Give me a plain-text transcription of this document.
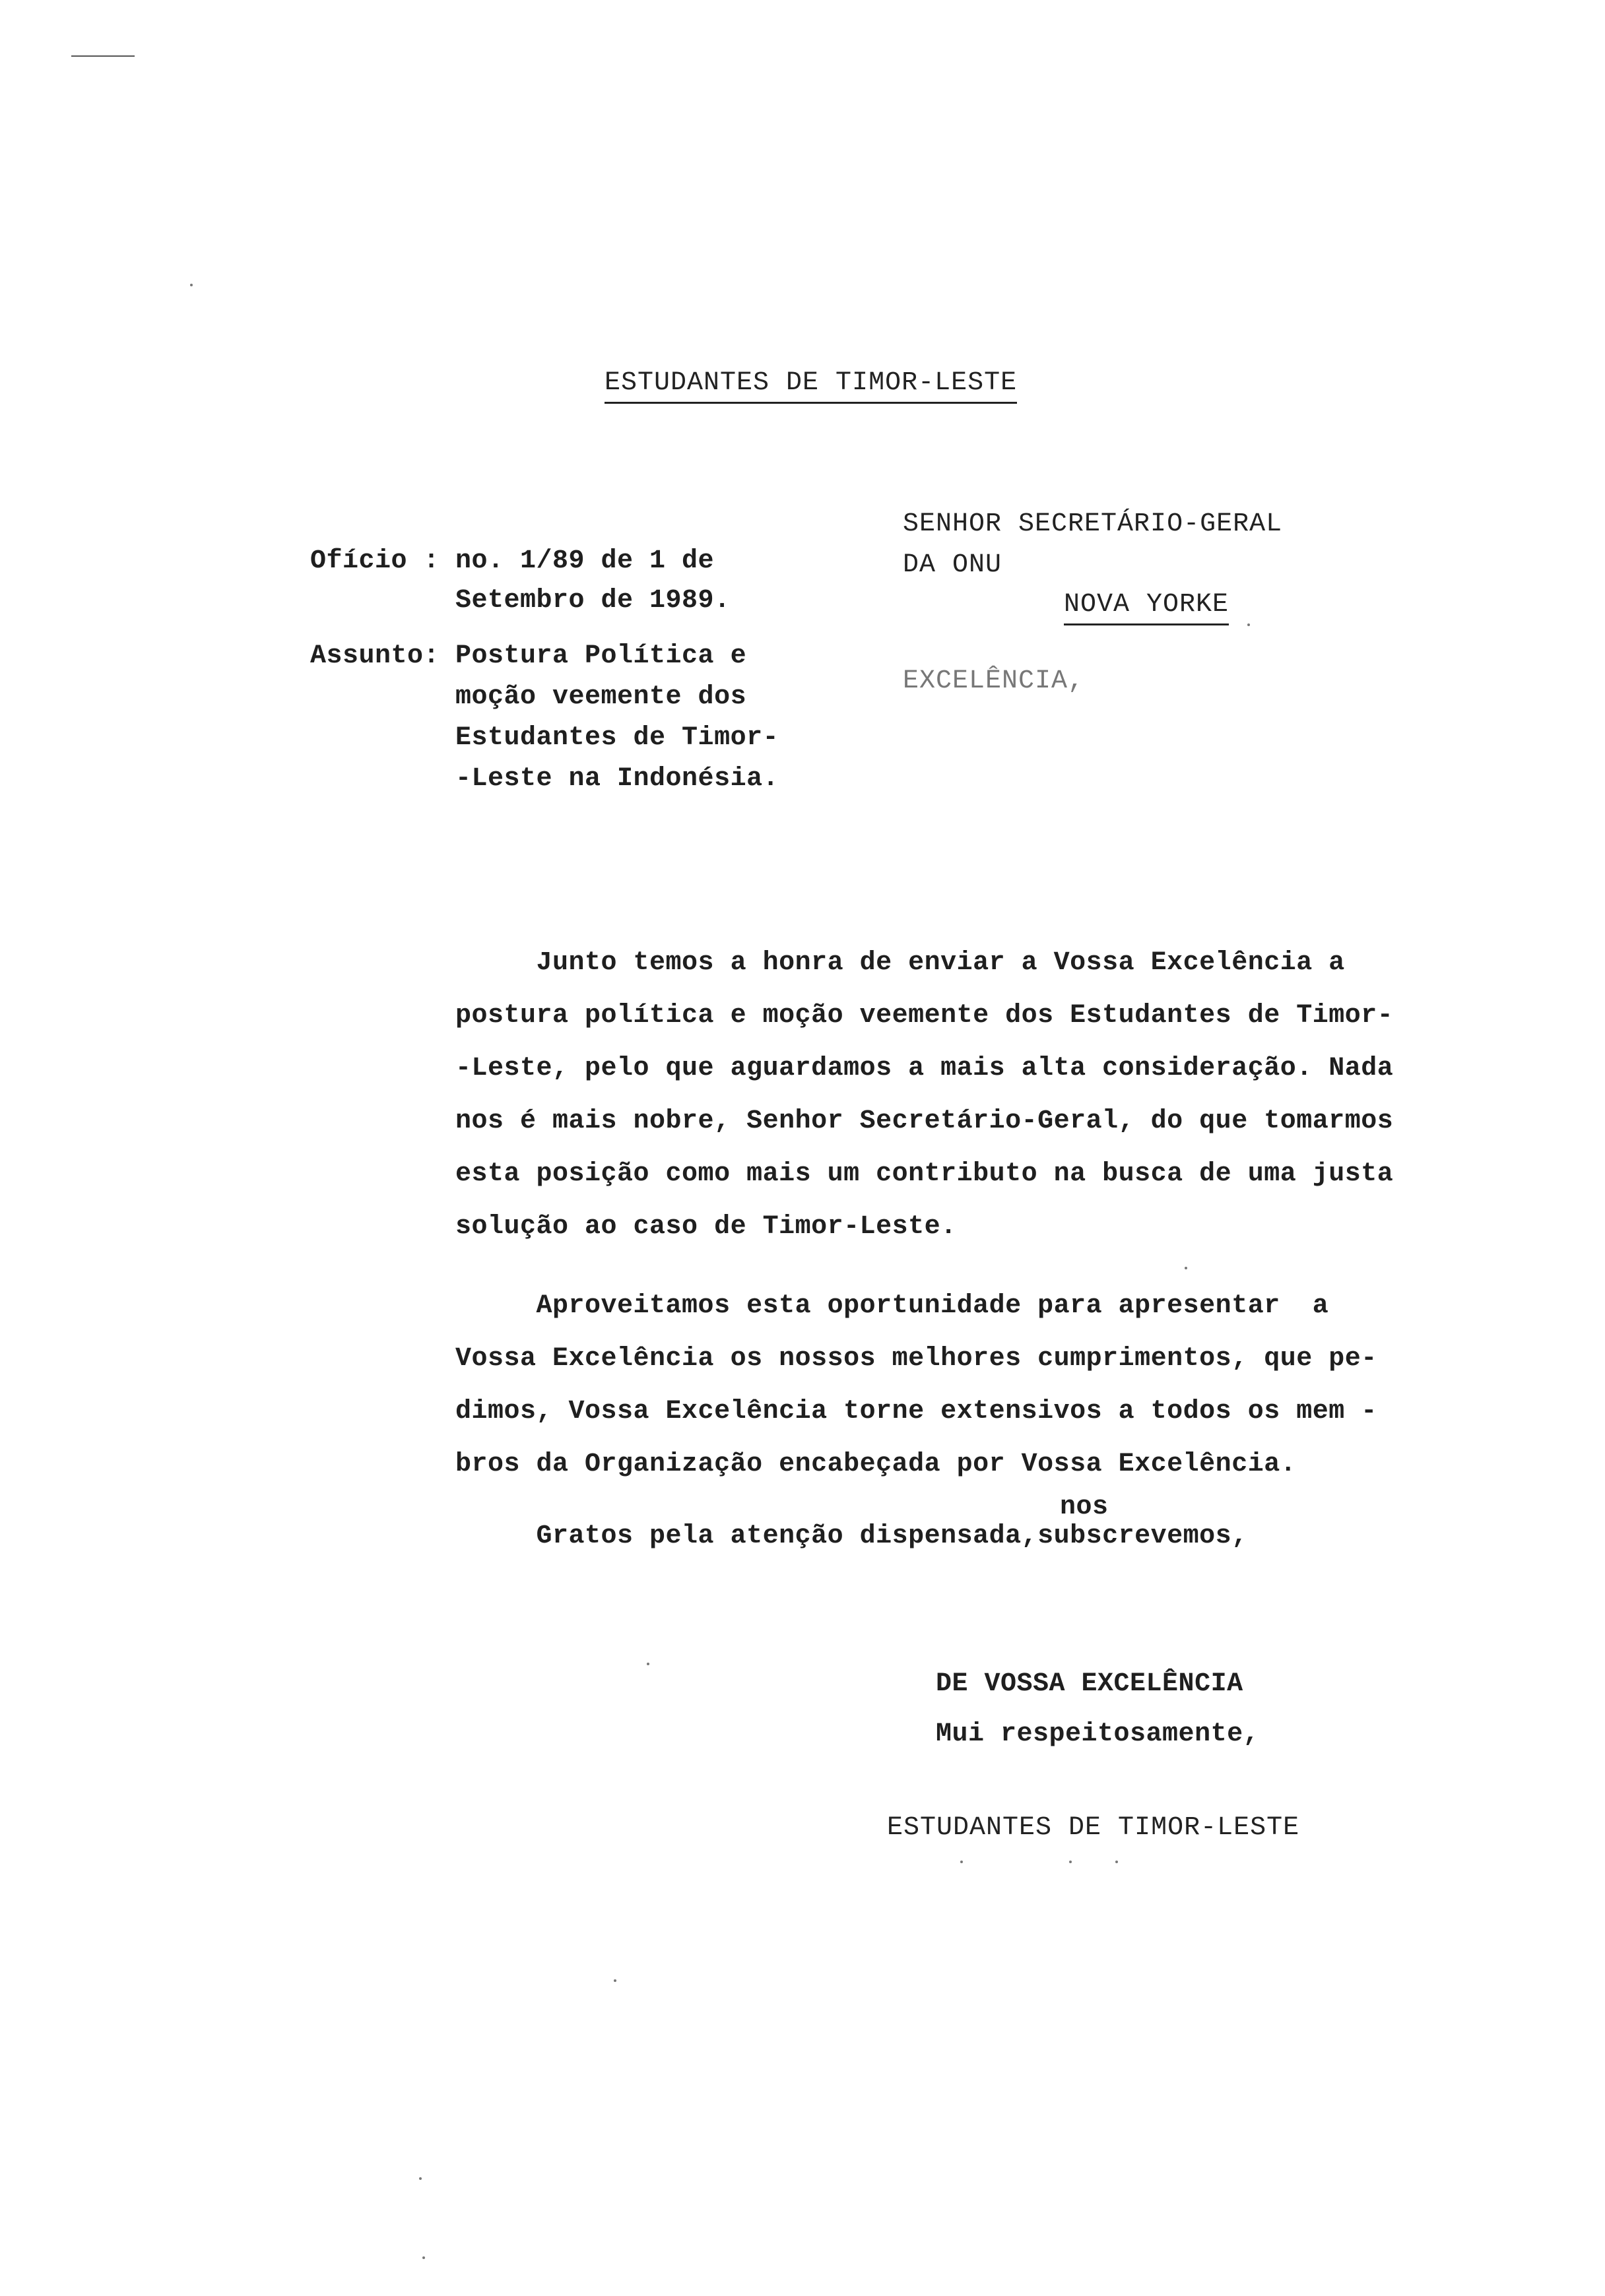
ESTUDANTES DE TIMOR-LESTE
Ofício : no. 1/89 de 1 de
Setembro de 1989.
Assunto: Postura Política e
moção veemente dos
Estudantes de Timor-
-Leste na Indonésia.
SENHOR SECRETÁRIO-GERAL
DA ONU
NOVA YORKE
EXCELÊNCIA,
Junto temos a honra de enviar a Vossa Excelência a
postura política e moção veemente dos Estudantes de Timor-
-Leste, pelo que aguardamos a mais alta consideração. Nada
nos é mais nobre, Senhor Secretário-Geral, do que tomarmos
esta posição como mais um contributo na busca de uma justa
solução ao caso de Timor-Leste.
Aproveitamos esta oportunidade para apresentar  a
Vossa Excelência os nossos melhores cumprimentos, que pe-
dimos, Vossa Excelência torne extensivos a todos os mem -
bros da Organização encabeçada por Vossa Excelência.
nos
Gratos pela atenção dispensada,subscrevemos,
DE VOSSA EXCELÊNCIA
Mui respeitosamente,
ESTUDANTES DE TIMOR-LESTE
